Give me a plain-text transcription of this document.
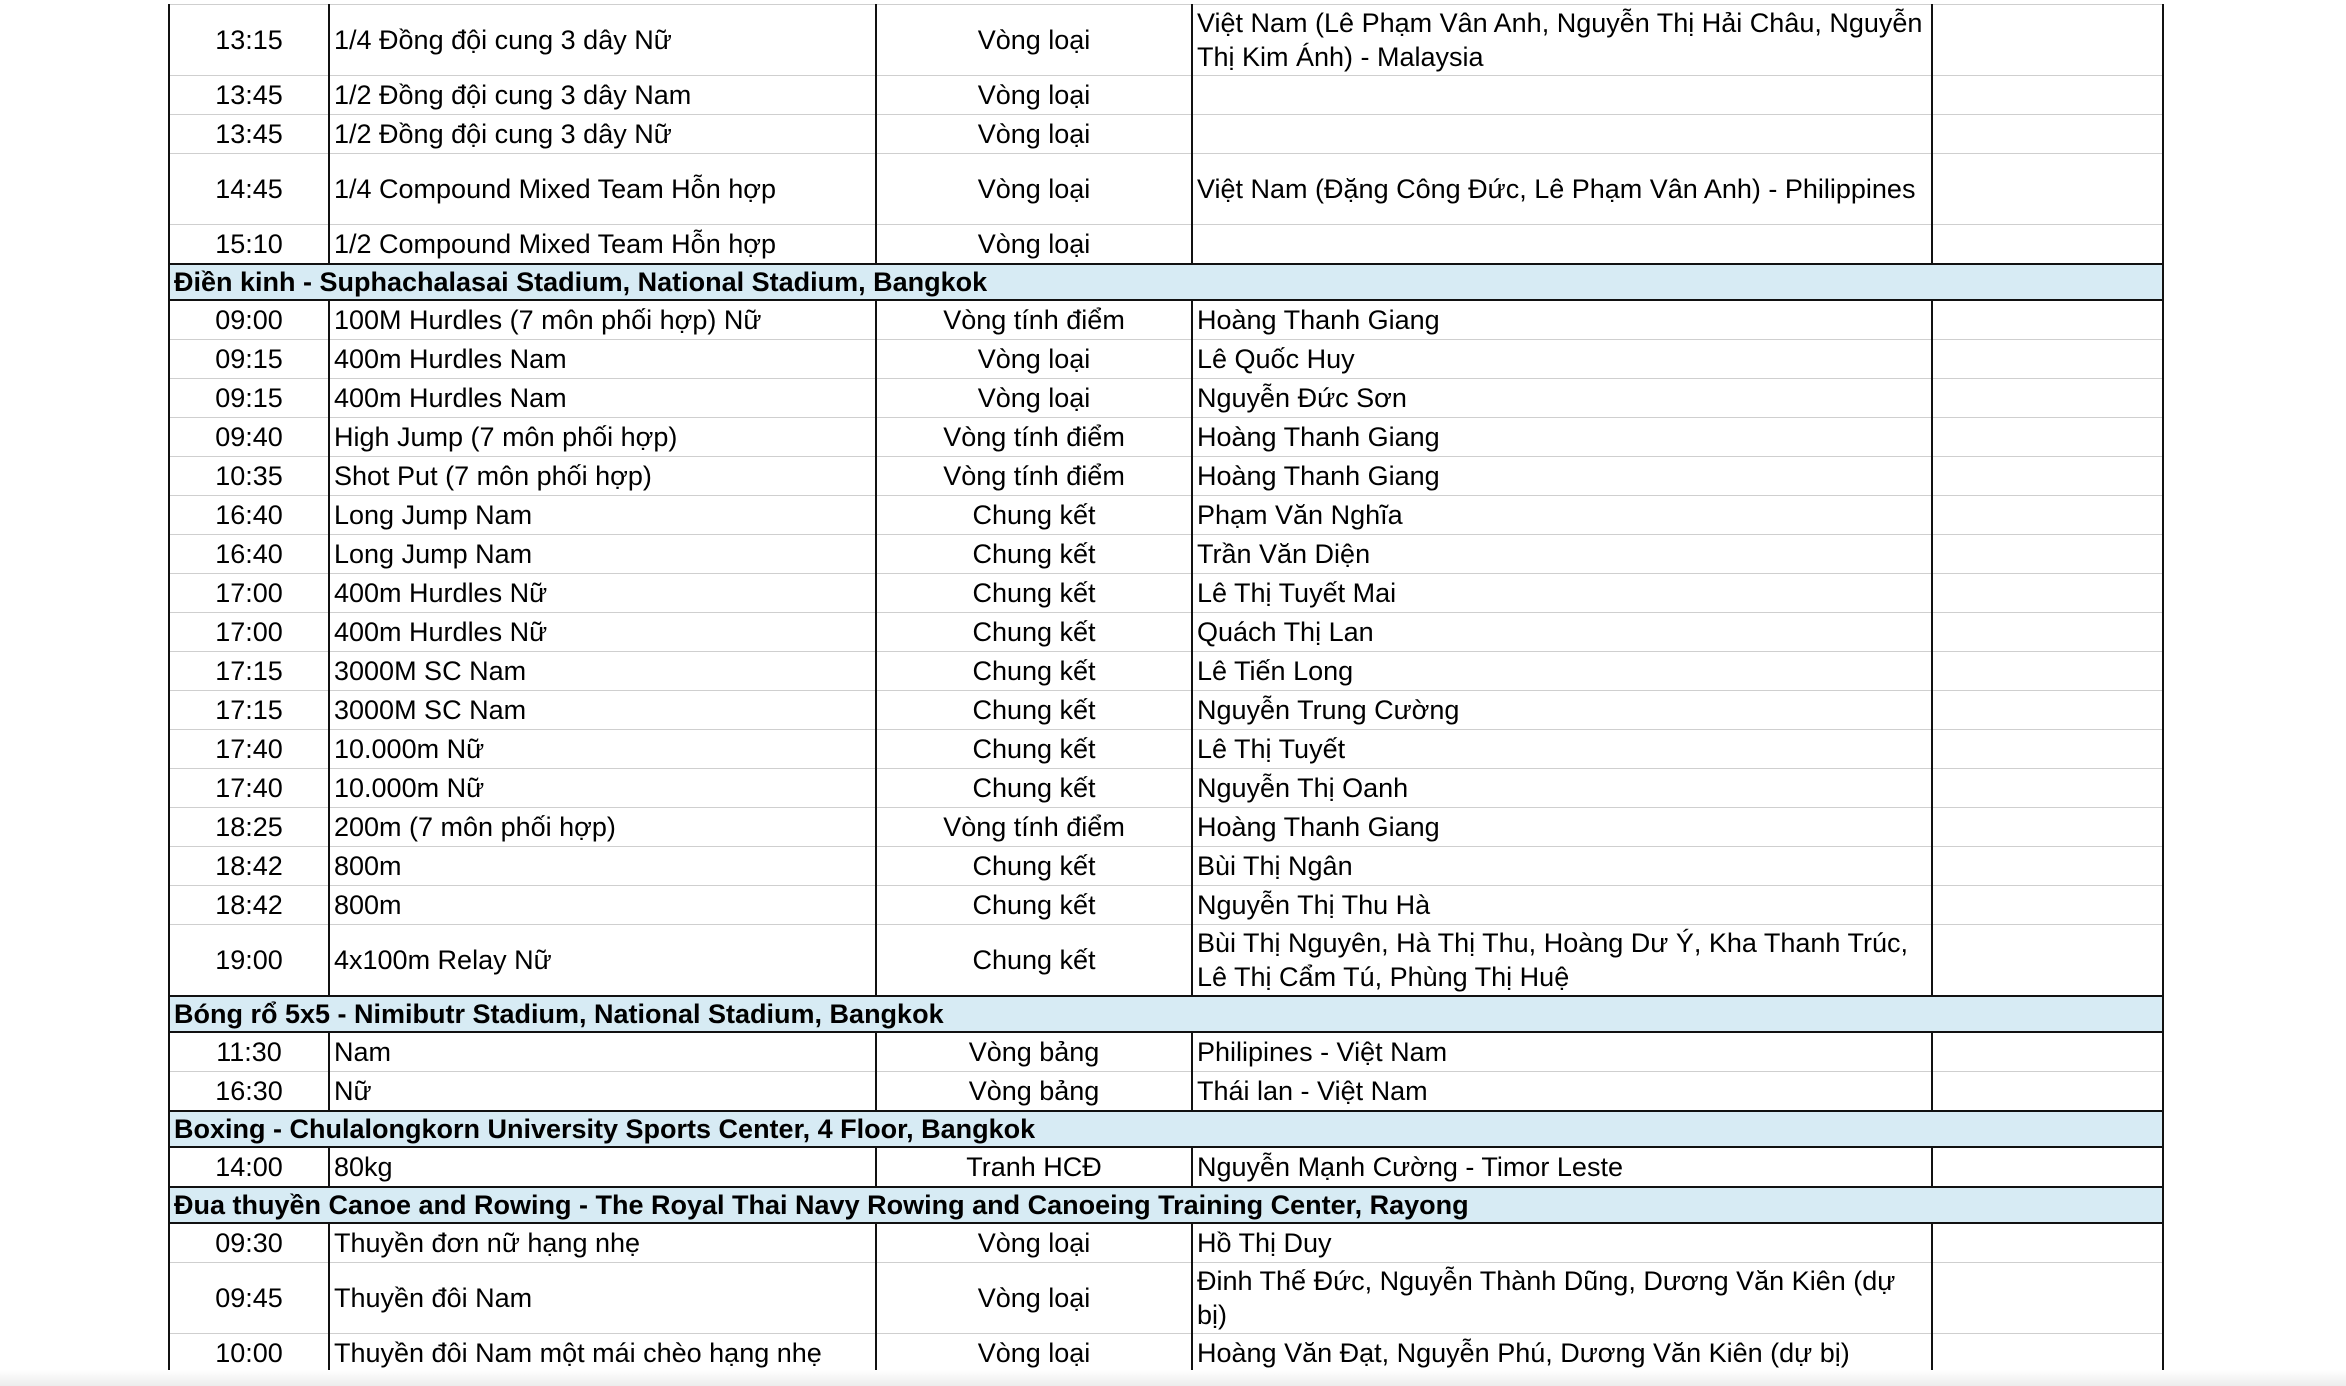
13:15	1/4 Đồng đội cung 3 dây Nữ	Vòng loại	Việt Nam (Lê Phạm Vân Anh, Nguyễn Thị Hải Châu, Nguyễn Thị Kim Ánh) - Malaysia	
13:45	1/2 Đồng đội cung 3 dây Nam	Vòng loại		
13:45	1/2 Đồng đội cung 3 dây Nữ	Vòng loại		
14:45	1/4 Compound Mixed Team Hỗn hợp	Vòng loại	Việt Nam (Đặng Công Đức, Lê Phạm Vân Anh) - Philippines	
15:10	1/2 Compound Mixed Team Hỗn hợp	Vòng loại		
Điền kinh - Suphachalasai Stadium, National Stadium, Bangkok				
09:00	100M Hurdles (7 môn phối hợp) Nữ	Vòng tính điểm	Hoàng Thanh Giang	
09:15	400m Hurdles Nam	Vòng loại	Lê Quốc Huy	
09:15	400m Hurdles Nam	Vòng loại	Nguyễn Đức Sơn	
09:40	High Jump (7 môn phối hợp)	Vòng tính điểm	Hoàng Thanh Giang	
10:35	Shot Put (7 môn phối hợp)	Vòng tính điểm	Hoàng Thanh Giang	
16:40	Long Jump Nam	Chung kết	Phạm Văn Nghĩa	
16:40	Long Jump Nam	Chung kết	Trần Văn Diện	
17:00	400m Hurdles Nữ	Chung kết	Lê Thị Tuyết Mai	
17:00	400m Hurdles Nữ	Chung kết	Quách Thị Lan	
17:15	3000M SC Nam	Chung kết	Lê Tiến Long	
17:15	3000M SC Nam	Chung kết	Nguyễn Trung Cường	
17:40	10.000m Nữ	Chung kết	Lê Thị Tuyết	
17:40	10.000m Nữ	Chung kết	Nguyễn Thị Oanh	
18:25	200m (7 môn phối hợp)	Vòng tính điểm	Hoàng Thanh Giang	
18:42	800m	Chung kết	Bùi Thị Ngân	
18:42	800m	Chung kết	Nguyễn Thị Thu Hà	
19:00	4x100m Relay Nữ	Chung kết	Bùi Thị Nguyên, Hà Thị Thu, Hoàng Dư Ý, Kha Thanh Trúc, Lê Thị Cẩm Tú, Phùng Thị Huệ	
Bóng rổ 5x5 - Nimibutr Stadium, National Stadium, Bangkok				
11:30	Nam	Vòng bảng	Philipines - Việt Nam	
16:30	Nữ	Vòng bảng	Thái lan - Việt Nam	
Boxing - Chulalongkorn University Sports Center, 4 Floor, Bangkok				
14:00	80kg	Tranh HCĐ	Nguyễn Mạnh Cường - Timor Leste	
Đua thuyền Canoe and Rowing - The Royal Thai Navy Rowing and Canoeing Training Center, Rayong				
09:30	Thuyền đơn nữ hạng nhẹ	Vòng loại	Hồ Thị Duy	
09:45	Thuyền đôi Nam	Vòng loại	Đinh Thế Đức, Nguyễn Thành Dũng, Dương Văn Kiên (dự bị)	
10:00	Thuyền đôi Nam một mái chèo hạng nhẹ	Vòng loại	Hoàng Văn Đạt, Nguyễn Phú, Dương Văn Kiên (dự bị)	
